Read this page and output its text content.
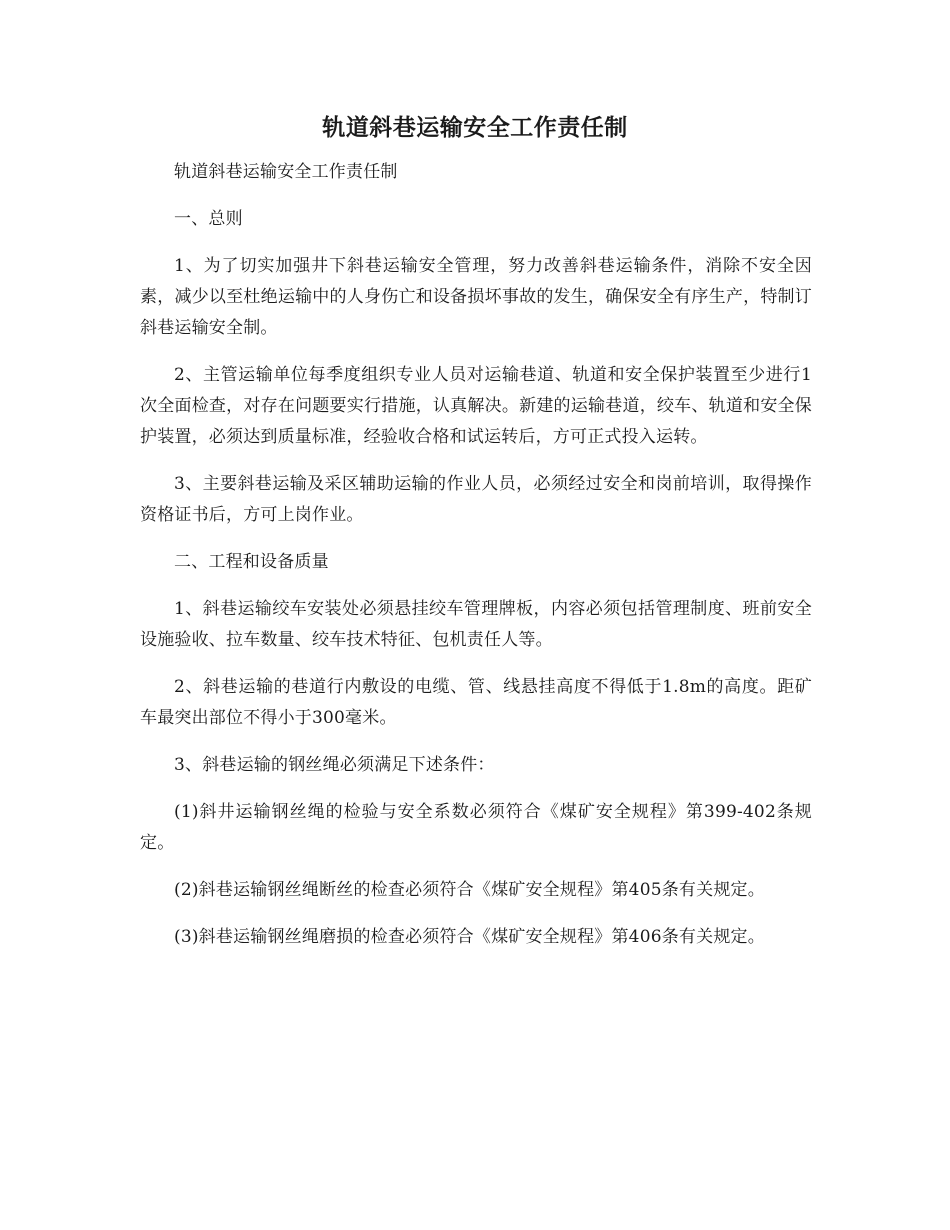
轨道斜巷运输安全工作责任制

轨道斜巷运输安全工作责任制

一、总则

1、为了切实加强井下斜巷运输安全管理，努力改善斜巷运输条件，消除不安全因素，减少以至杜绝运输中的人身伤亡和设备损坏事故的发生，确保安全有序生产，特制订斜巷运输安全制。

2、主管运输单位每季度组织专业人员对运输巷道、轨道和安全保护装置至少进行1次全面检查，对存在问题要实行措施，认真解决。新建的运输巷道，绞车、轨道和安全保护装置，必须达到质量标准，经验收合格和试运转后，方可正式投入运转。

3、主要斜巷运输及采区辅助运输的作业人员，必须经过安全和岗前培训，取得操作资格证书后，方可上岗作业。

二、工程和设备质量

1、斜巷运输绞车安装处必须悬挂绞车管理牌板，内容必须包括管理制度、班前安全设施验收、拉车数量、绞车技术特征、包机责任人等。

2、斜巷运输的巷道行内敷设的电缆、管、线悬挂高度不得低于1.8m的高度。距矿车最突出部位不得小于300毫米。

3、斜巷运输的钢丝绳必须满足下述条件：

(1)斜井运输钢丝绳的检验与安全系数必须符合《煤矿安全规程》第399-402条规定。

(2)斜巷运输钢丝绳断丝的检查必须符合《煤矿安全规程》第405条有关规定。

(3)斜巷运输钢丝绳磨损的检查必须符合《煤矿安全规程》第406条有关规定。
